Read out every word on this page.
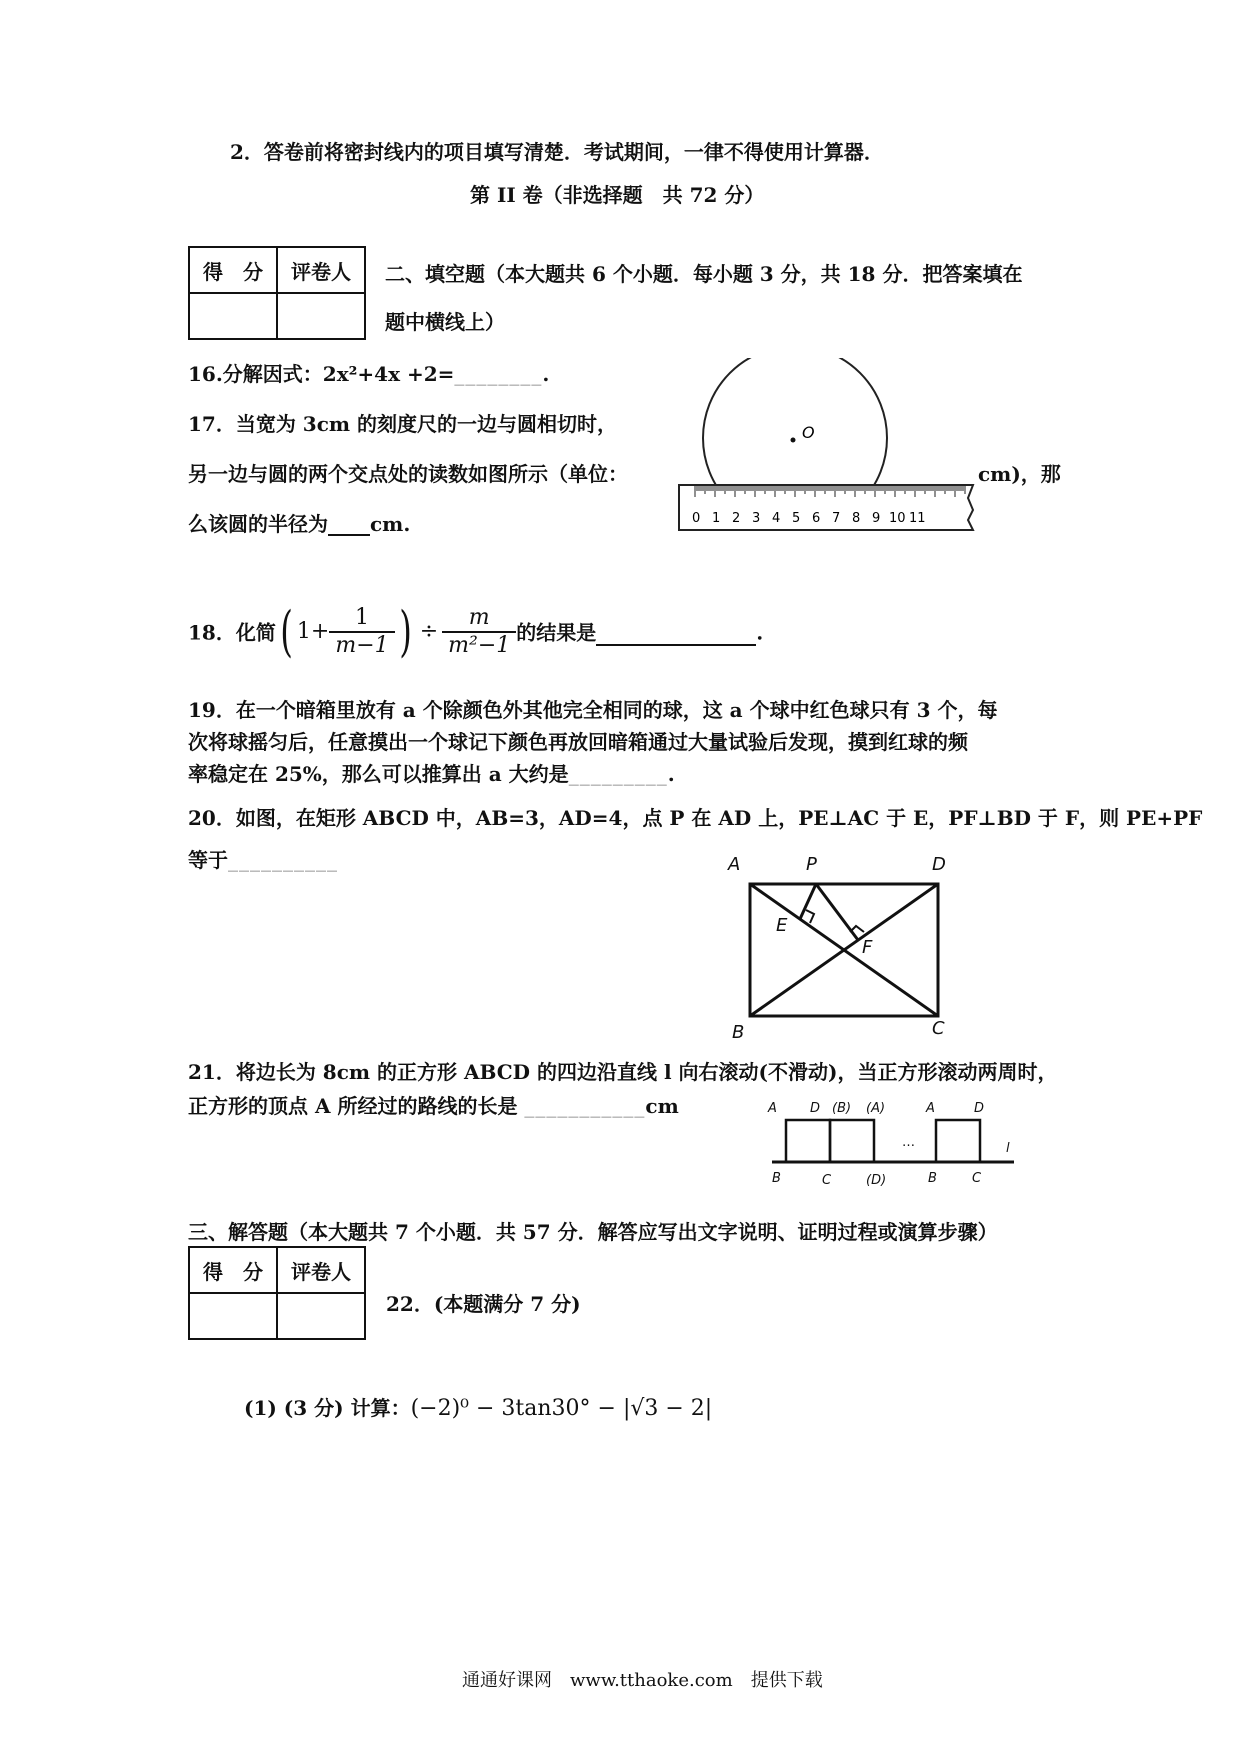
2．答卷前将密封线内的项目填写清楚．考试期间，一律不得使用计算器．
第 II 卷（非选择题　共 72 分）
得　分	评卷人
	二、填空题（本大题共 6 个小题．每小题 3 分，共 18 分．把答案填在
题中横线上）
16.分解因式：2x²+4x +2=________.
17．当宽为 3cm 的刻度尺的一边与圆相切时，
另一边与圆的两个交点处的读数如图所示（单位：	cm)，那
么该圆的半径为 cm.
O
0 1 2 3 4 5 6 7 8 9 10 11
18．化简( $1+ \frac{1}{m-1}$ ) ÷ $\frac{m}{\text{m²−1}}$ 的结果是	.
19．在一个暗箱里放有 a 个除颜色外其他完全相同的球，这 a 个球中红色球只有 3 个，每
次将球摇匀后，任意摸出一个球记下颜色再放回暗箱通过大量试验后发现，摸到红球的频
率稳定在 25%，那么可以推算出 a 大约是_________.
20．如图，在矩形 ABCD 中，AB=3，AD=4，点 P 在 AD 上，PE⊥AC 于 E，PF⊥BD 于 F，则 PE+PF
等于__________	A	P	D
E
F
B	C
21．将边长为 8cm 的正方形 ABCD 的四边沿直线 l 向右滚动(不滑动)，当正方形滚动两周时，
正方形的顶点 A 所经过的路线的长是 ___________cm	A	D (B) (A)	A	D
…	l
B	C	(D)	B	C
三、解答题（本大题共 7 个小题．共 57 分．解答应写出文字说明、证明过程或演算步骤）
得　分	评卷人

22．(本题满分 7 分)
(1) (3 分) 计算：(−2)⁰ − 3tan30° − |√3 − 2|
通通好课网　www.tthaoke.com　提供下载
